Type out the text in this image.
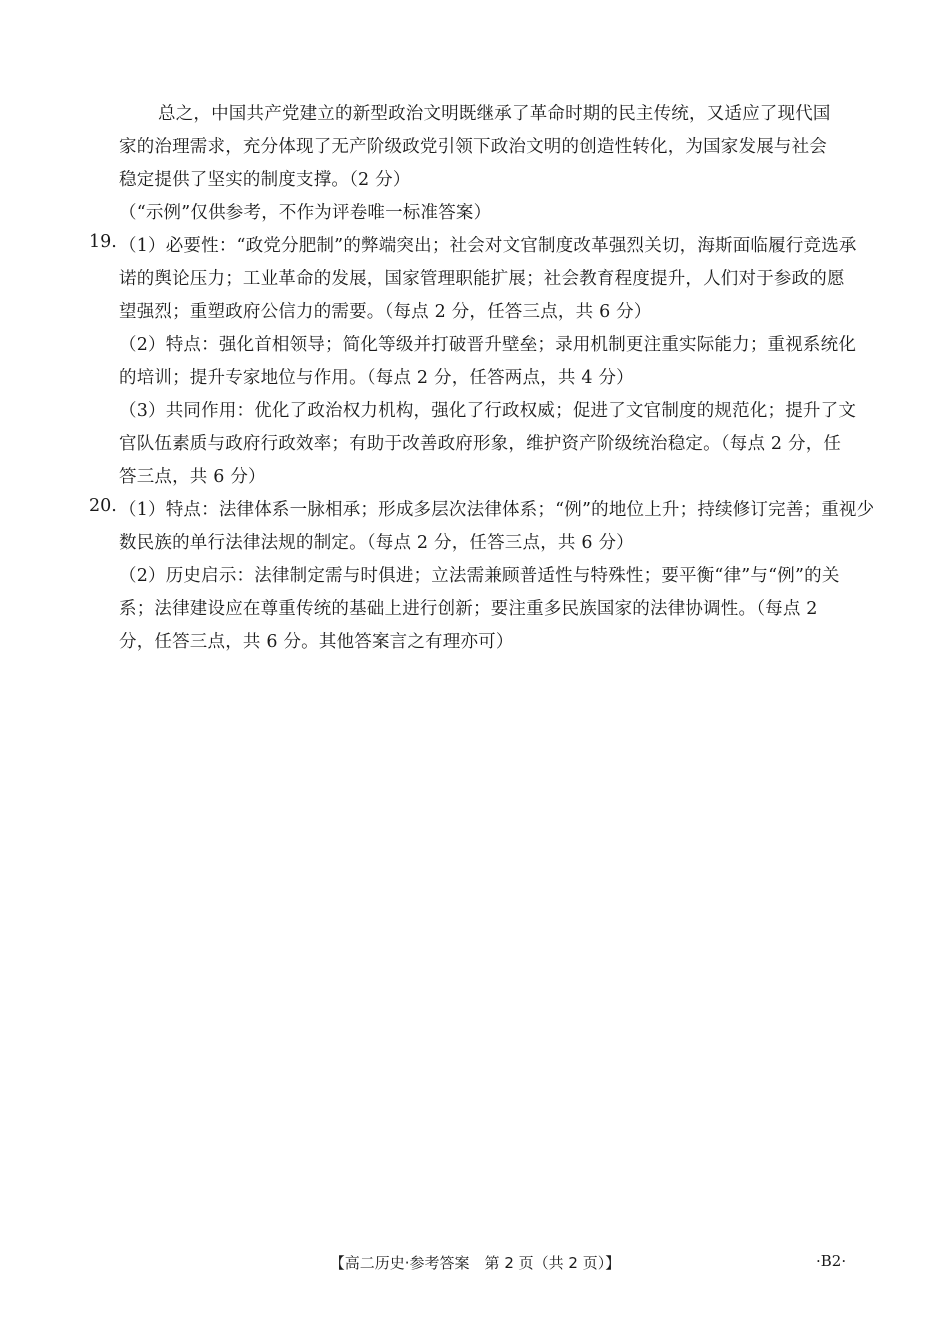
总之，中国共产党建立的新型政治文明既继承了革命时期的民主传统，又适应了现代国
家的治理需求，充分体现了无产阶级政党引领下政治文明的创造性转化，为国家发展与社会
稳定提供了坚实的制度支撑。（2 分）
（“示例”仅供参考，不作为评卷唯一标准答案）
19. （1）必要性：“政党分肥制”的弊端突出；社会对文官制度改革强烈关切，海斯面临履行竞选承
诺的舆论压力；工业革命的发展，国家管理职能扩展；社会教育程度提升，人们对于参政的愿
望强烈；重塑政府公信力的需要。（每点 2 分，任答三点，共 6 分）
（2）特点：强化首相领导；简化等级并打破晋升壁垒；录用机制更注重实际能力；重视系统化
的培训；提升专家地位与作用。（每点 2 分，任答两点，共 4 分）
（3）共同作用：优化了政治权力机构，强化了行政权威；促进了文官制度的规范化；提升了文
官队伍素质与政府行政效率；有助于改善政府形象，维护资产阶级统治稳定。（每点 2 分，任
答三点，共 6 分）
20. （1）特点：法律体系一脉相承；形成多层次法律体系；“例”的地位上升；持续修订完善；重视少
数民族的单行法律法规的制定。（每点 2 分，任答三点，共 6 分）
（2）历史启示：法律制定需与时俱进；立法需兼顾普适性与特殊性；要平衡“律”与“例”的关
系；法律建设应在尊重传统的基础上进行创新；要注重多民族国家的法律协调性。（每点 2
分，任答三点，共 6 分。其他答案言之有理亦可）
【高二历史·参考答案　第 2 页（共 2 页）】	·B2·
